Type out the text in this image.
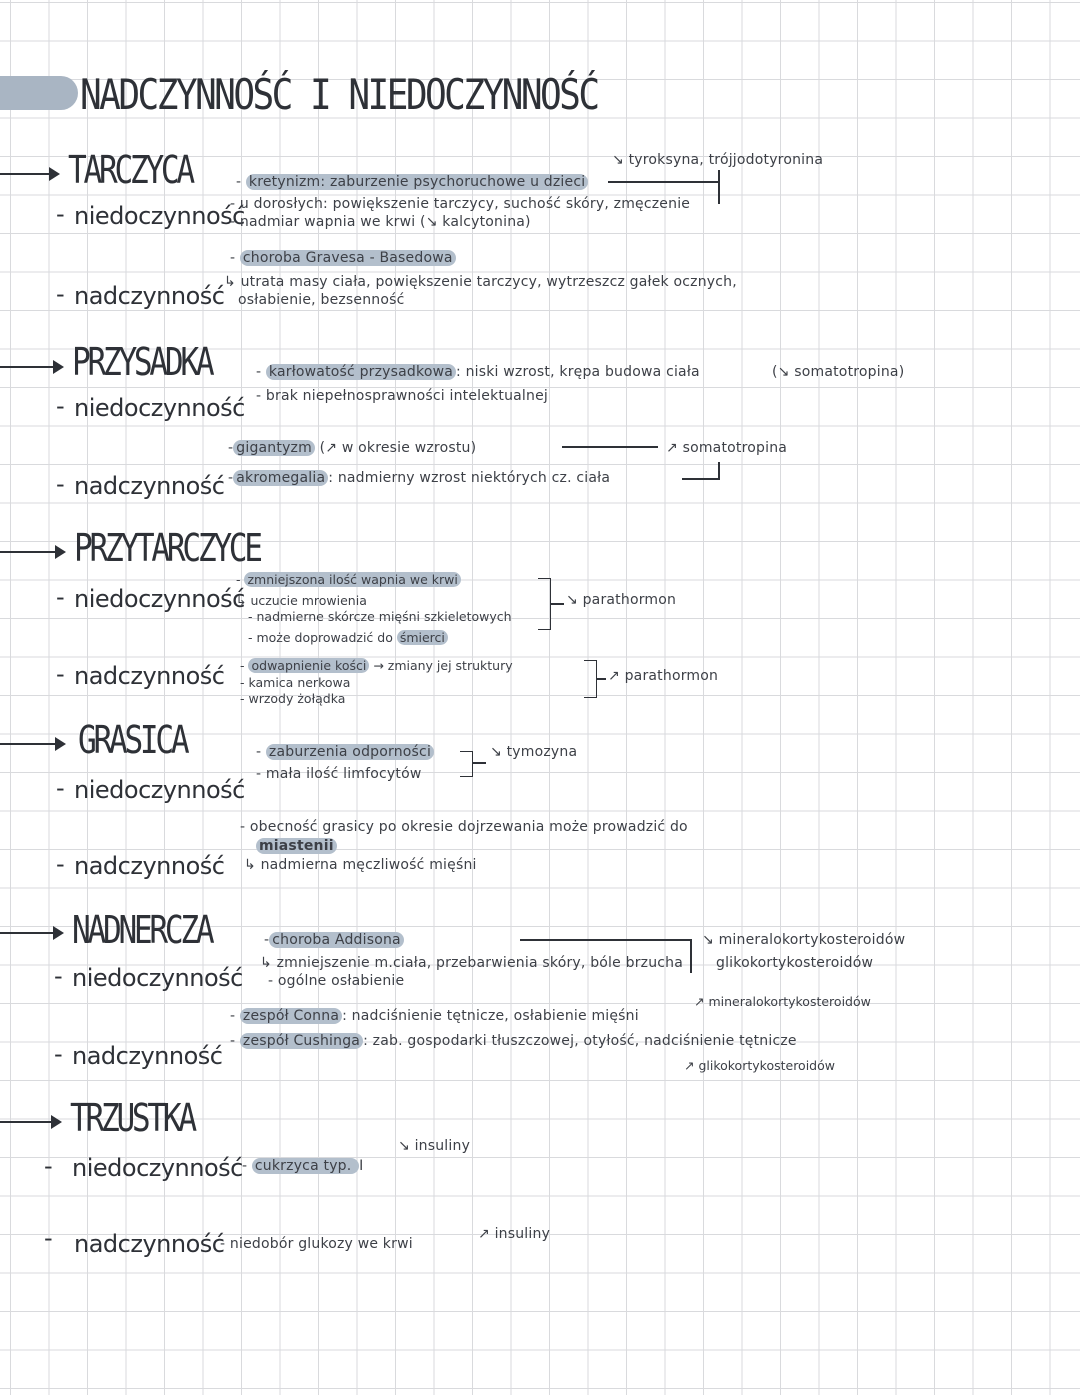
NADCZYNNOŚĆ I NIEDOCZYNNOŚĆ
TARCZYCA
- niedoczynność
- kretynizm: zaburzenie psychoruchowe u dzieci
- u dorosłych: powiększenie tarczycy, suchość skóry, zmęczenie
- nadmiar wapnia we krwi (↘ kalcytonina)
↘ tyroksyna, trójjodotyronina
- nadczynność
- choroba Gravesa - Basedowa
↳ utrata masy ciała, powiększenie tarczycy, wytrzeszcz gałek ocznych,
osłabienie, bezsenność
PRZYSADKA
- niedoczynność
- karłowatość przysadkowa : niski wzrost, krępa budowa ciała	(↘ somatotropina)
- brak niepełnosprawności intelektualnej
- nadczynność
- gigantyzm (↗ w okresie wzrostu)	↗ somatotropina
- akromegalia : nadmierny wzrost niektórych cz. ciała
PRZYTARCZYCE
- niedoczynność
- zmniejszona ilość wapnia we krwi
↳ uczucie mrowienia
- nadmierne skórcze mięśni szkieletowych
- może doprowadzić do śmierci
↘ parathormon
- nadczynność - odwapnienie kości → zmiany jej struktury
- kamica nerkowa
- wrzody żołądka
↗ parathormon
GRASICA
- niedoczynność
- zaburzenia odporności
- mała ilość limfocytów
↘ tymozyna
- nadczynność
- obecność grasicy po okresie dojrzewania może prowadzić do
miastenii
↳ nadmierna męczliwość mięśni
NADNERCZA
- niedoczynność
- choroba Addisona
↳ zmniejszenie m.ciała, przebarwienia skóry, bóle brzucha
- ogólne osłabienie
↘ mineralokortykosteroidów
glikokortykosteroidów
- nadczynność
- zespół Conna : nadciśnienie tętnicze, osłabienie mięśni
↗ mineralokortykosteroidów
- zespół Cushinga : zab. gospodarki tłuszczowej, otyłość, nadciśnienie tętnicze
↗ glikokortykosteroidów
TRZUSTKA
- niedoczynność - cukrzyca typ. I
↘ insuliny
- nadczynność
- niedobór glukozy we krwi
↗ insuliny
